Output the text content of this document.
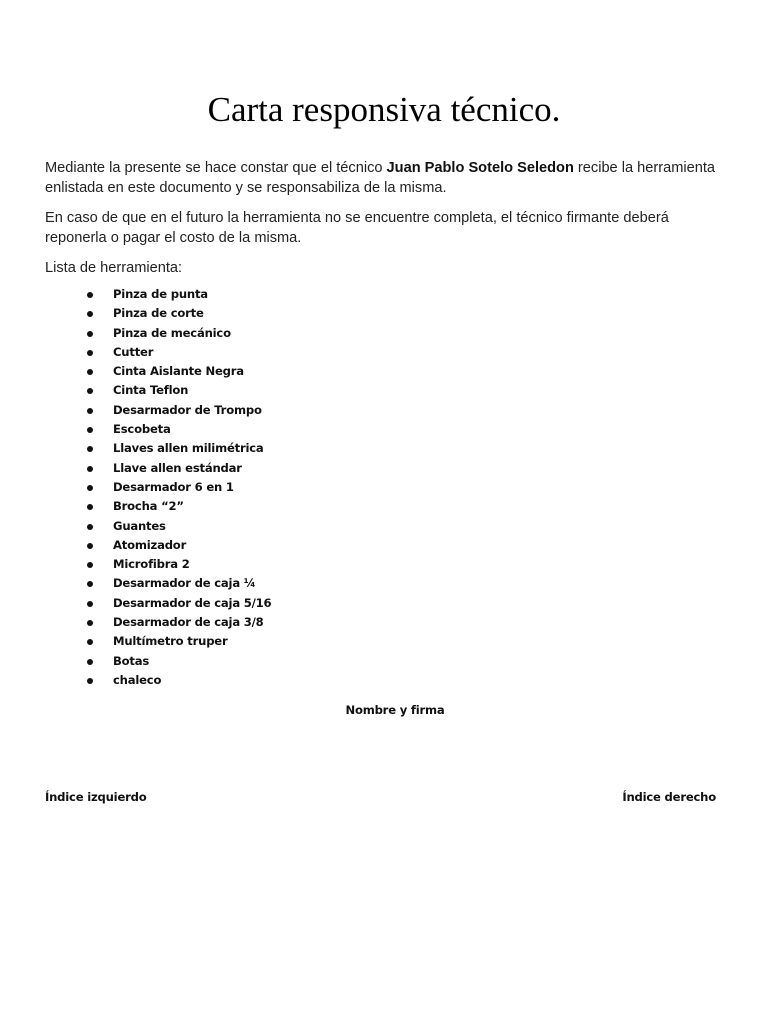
Carta responsiva técnico.

Mediante la presente se hace constar que el técnico Juan Pablo Sotelo Seledon recibe la herramienta enlistada en este documento y se responsabiliza de la misma.

En caso de que en el futuro la herramienta no se encuentre completa, el técnico firmante deberá reponerla o pagar el costo de la misma.

Lista de herramienta:

Pinza de punta
Pinza de corte
Pinza de mecánico
Cutter
Cinta Aislante Negra
Cinta Teflon
Desarmador de Trompo
Escobeta
Llaves allen milimétrica
Llave allen estándar
Desarmador 6 en 1
Brocha “2”
Guantes
Atomizador
Microfibra 2
Desarmador de caja ¼
Desarmador de caja 5/16
Desarmador de caja 3/8
Multímetro truper
Botas
chaleco
Nombre y firma
Índice izquierdo	Índice derecho
